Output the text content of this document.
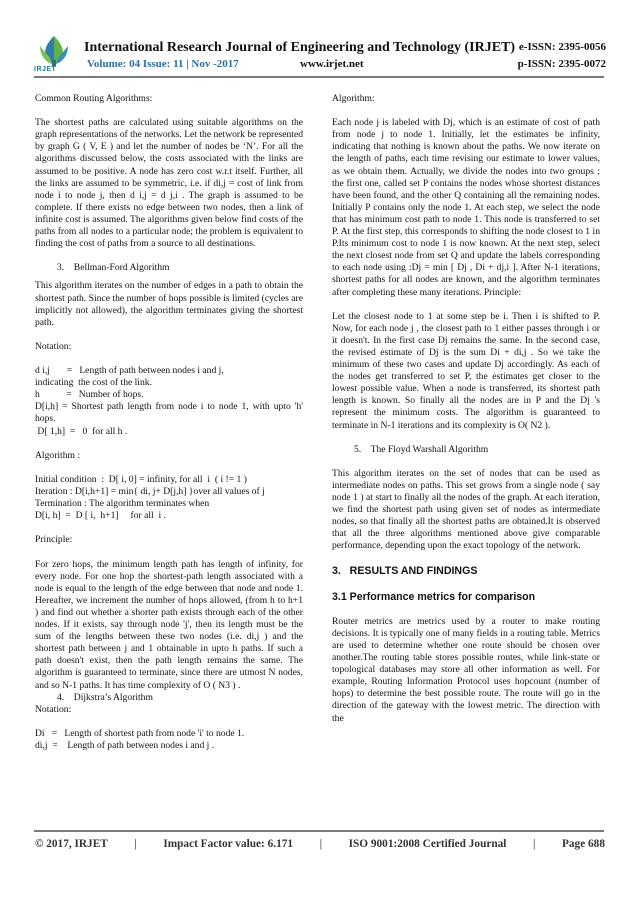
IRJET
International Research Journal of Engineering and Technology (IRJET)
Volume: 04 Issue: 11 | Nov -2017	www.irjet.net
e-ISSN: 2395-0056
p-ISSN: 2395-0072

Common Routing Algorithms:

The shortest paths are calculated using suitable algorithms on the graph representations of the networks. Let the network be represented by graph G ( V, E ) and let the number of nodes be ‘N’. For all the algorithms discussed below, the costs associated with the links are assumed to be positive. A node has zero cost w.r.t itself. Further, all the links are assumed to be symmetric, i.e. if di,j = cost of link from node i to node j, then d i,j = d j,i . The graph is assumed to be complete. If there exists no edge between two nodes, then a link of infinite cost is assumed. The algorithms given below find costs of the paths from all nodes to a particular node; the problem is equivalent to finding the cost of paths from a source to all destinations.

3.    Bellman-Ford Algorithm

This algorithm iterates on the number of edges in a path to obtain the shortest path. Since the number of hops possible is limited (cycles are implicitly not allowed), the algorithm terminates giving the shortest path.

Notation:

d i,j       =   Length of path between nodes i and j,

indicating  the cost of the link.

h           =   Number of hops.

D[i,h] = Shortest path length from node i to node 1, with upto 'h' hops.

D[ 1,h]  =   0  for all h .

Algorithm :

Initial condition  :  D[ i, 0] = infinity, for all  i  ( i != 1 )

Iteration : D[i,h+1] = min{ di, j+ D[j,h] }over all values of j

Termination : The algorithm terminates when

D[i, h]  =  D [ i,  h+1]     for all  i .

Principle:

For zero hops, the minimum length path has length of infinity, for every node. For one hop the shortest-path length associated with a node is equal to the length of the edge between that node and node 1. Hereafter, we increment the number of hops allowed, (from h to h+1 ) and find out whether a shorter path exists through each of the other nodes. If it exists, say through node 'j', then its length must be the sum of the lengths between these two nodes (i.e. di,j ) and the shortest path between j and 1 obtainable in upto h paths. If such a path doesn't exist, then the path length remains the same. The algorithm is guaranteed to terminate, since there are utmost N nodes, and so N-1 paths. It has time complexity of O ( N3 ) .

4.    Dijkstra’s Algorithm

Notation:

Di   =   Length of shortest path from node 'i' to node 1.

di,j  =    Length of path between nodes i and j .

Algorithm:

Each node j is labeled with Dj, which is an estimate of cost of path from node j to node 1. Initially, let the estimates be infinity, indicating that nothing is known about the paths. We now iterate on the length of paths, each time revising our estimate to lower values, as we obtain them. Actually, we divide the nodes into two groups ; the first one, called set P contains the nodes whose shortest distances have been found, and the other Q containing all the remaining nodes. Initially P contains only the node 1. At each step, we select the node that has minimum cost path to node 1. This node is transferred to set P. At the first step, this corresponds to shifting the node closest to 1 in P.Its minimum cost to node 1 is now known. At the next step, select the next closest node from set Q and update the labels corresponding to each node using :Dj = min [ Dj , Di + dj,i ]. After N-1 iterations, shortest paths for all nodes are known, and the algorithm terminates after completing these many iterations. Principle:

Let the closest node to 1 at some step be i. Then i is shifted to P. Now, for each node j , the closest path to 1 either passes through i or it doesn't. In the first case Dj remains the same. In the second case, the revised estimate of Dj is the sum Di + di,j . So we take the minimum of these two cases and update Dj accordingly. As each of the nodes get transferred to set P, the estimates get closer to the lowest possible value. When a node is transferred, its shortest path length is known. So finally all the nodes are in P and the Dj 's represent the minimum costs. The algorithm is guaranteed to terminate in N-1 iterations and its complexity is O( N2 ).

5.    The Floyd Warshall Algorithm

This algorithm iterates on the set of nodes that can be used as intermediate nodes on paths. This set grows from a single node ( say node 1 ) at start to finally all the nodes of the graph. At each iteration, we find the shortest path using given set of nodes as intermediate nodes, so that finally all the shortest paths are obtained.It is observed that all the three algorithms mentioned above give comparable performance, depending upon the exact topology of the network.

3.   RESULTS AND FINDINGS
3.1 Performance metrics for comparison

Router metrics are metrics used by a router to make routing decisions. It is typically one of many fields in a routing table. Metrics are used to determine whether one route should be chosen over another.The routing table stores possible routes, while link-state or topological databases may store all other information as well. For example, Routing Information Protocol uses hopcount (number of hops) to determine the best possible route. The route will go in the direction of the gateway with the lowest metric. The direction with the

© 2017, IRJET | Impact Factor value: 6.171 | ISO 9001:2008 Certified Journal | Page 688
